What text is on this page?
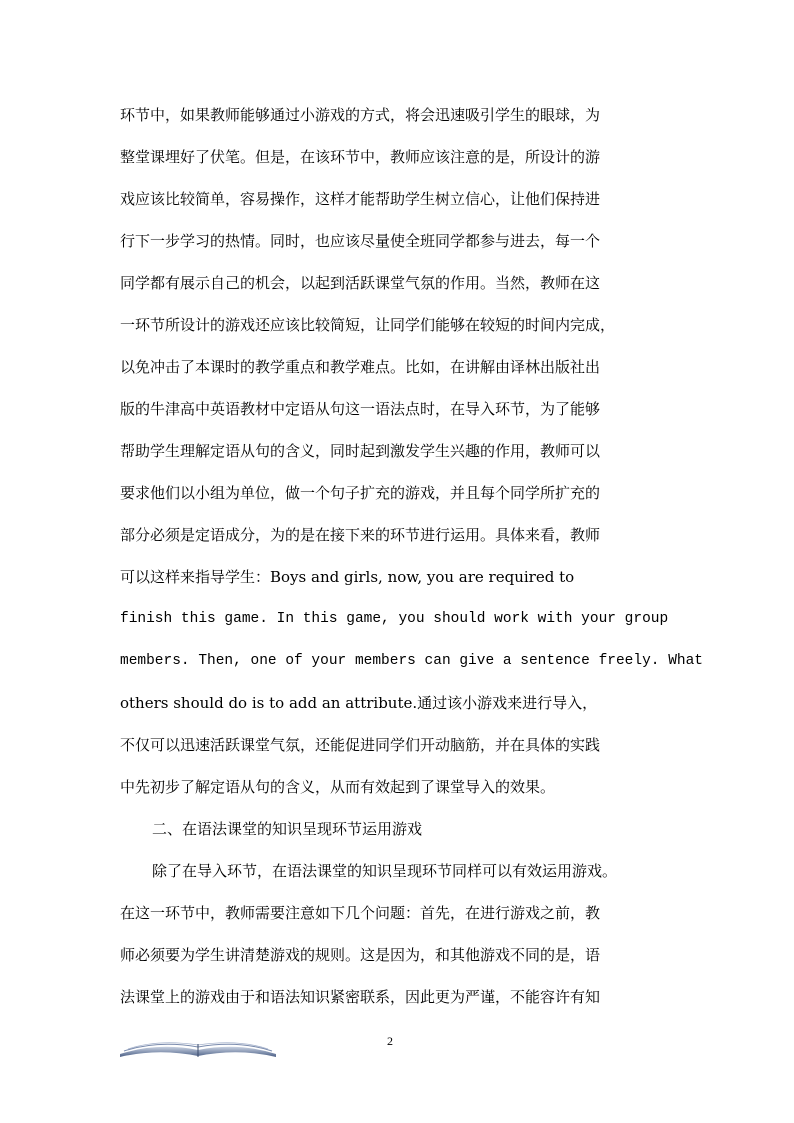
环节中，如果教师能够通过小游戏的方式，将会迅速吸引学生的眼球，为
整堂课埋好了伏笔。但是，在该环节中，教师应该注意的是，所设计的游
戏应该比较简单，容易操作，这样才能帮助学生树立信心，让他们保持进
行下一步学习的热情。同时，也应该尽量使全班同学都参与进去，每一个
同学都有展示自己的机会，以起到活跃课堂气氛的作用。当然，教师在这
一环节所设计的游戏还应该比较简短，让同学们能够在较短的时间内完成，
以免冲击了本课时的教学重点和教学难点。比如，在讲解由译林出版社出
版的牛津高中英语教材中定语从句这一语法点时，在导入环节，为了能够
帮助学生理解定语从句的含义，同时起到激发学生兴趣的作用，教师可以
要求他们以小组为单位，做一个句子扩充的游戏，并且每个同学所扩充的
部分必须是定语成分，为的是在接下来的环节进行运用。具体来看，教师
可以这样来指导学生：Boys and girls, now, you are required to
finish this game. In this game, you should work with your group
members. Then, one of your members can give a sentence freely. What
others should do is to add an attribute.通过该小游戏来进行导入，
不仅可以迅速活跃课堂气氛，还能促进同学们开动脑筋，并在具体的实践
中先初步了解定语从句的含义，从而有效起到了课堂导入的效果。
二、在语法课堂的知识呈现环节运用游戏
除了在导入环节，在语法课堂的知识呈现环节同样可以有效运用游戏。
在这一环节中，教师需要注意如下几个问题：首先，在进行游戏之前，教
师必须要为学生讲清楚游戏的规则。这是因为，和其他游戏不同的是，语
法课堂上的游戏由于和语法知识紧密联系，因此更为严谨，不能容许有知
2
